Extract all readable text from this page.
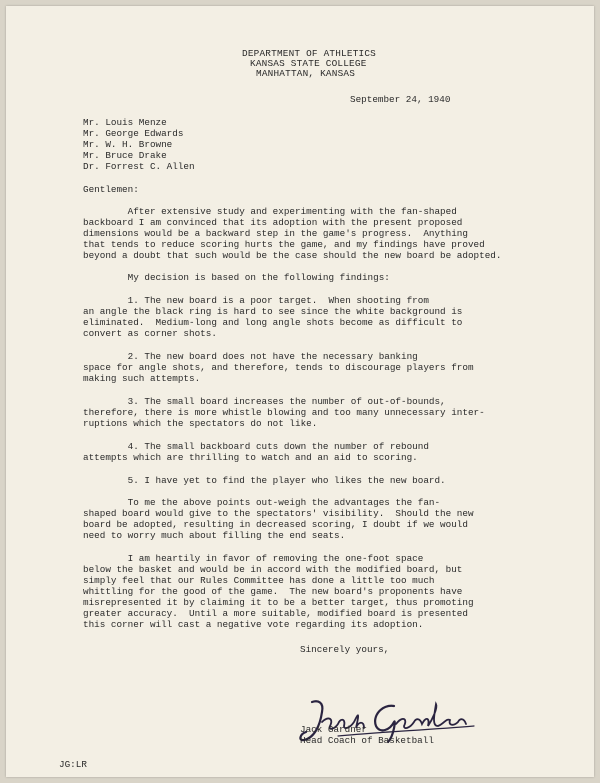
DEPARTMENT OF ATHLETICS
KANSAS STATE COLLEGE
MANHATTAN, KANSAS
September 24, 1940
Mr. Louis Menze
Mr. George Edwards
Mr. W. H. Browne
Mr. Bruce Drake
Dr. Forrest C. Allen
Gentlemen:
After extensive study and experimenting with the fan-shaped
backboard I am convinced that its adoption with the present proposed
dimensions would be a backward step in the game's progress.  Anything
that tends to reduce scoring hurts the game, and my findings have proved
beyond a doubt that such would be the case should the new board be adopted.
My decision is based on the following findings:
1. The new board is a poor target.  When shooting from
an angle the black ring is hard to see since the white background is
eliminated.  Medium-long and long angle shots become as difficult to
convert as corner shots.
2. The new board does not have the necessary banking
space for angle shots, and therefore, tends to discourage players from
making such attempts.
3. The small board increases the number of out-of-bounds,
therefore, there is more whistle blowing and too many unnecessary inter-
ruptions which the spectators do not like.
4. The small backboard cuts down the number of rebound
attempts which are thrilling to watch and an aid to scoring.
5. I have yet to find the player who likes the new board.
To me the above points out-weigh the advantages the fan-
shaped board would give to the spectators' visibility.  Should the new
board be adopted, resulting in decreased scoring, I doubt if we would
need to worry much about filling the end seats.
I am heartily in favor of removing the one-foot space
below the basket and would be in accord with the modified board, but
simply feel that our Rules Committee has done a little too much
whittling for the good of the game.  The new board's proponents have
misrepresented it by claiming it to be a better target, thus promoting
greater accuracy.  Until a more suitable, modified board is presented
this corner will cast a negative vote regarding its adoption.
Sincerely yours,
Jack Gardner
Head Coach of Basketball
JG:LR
